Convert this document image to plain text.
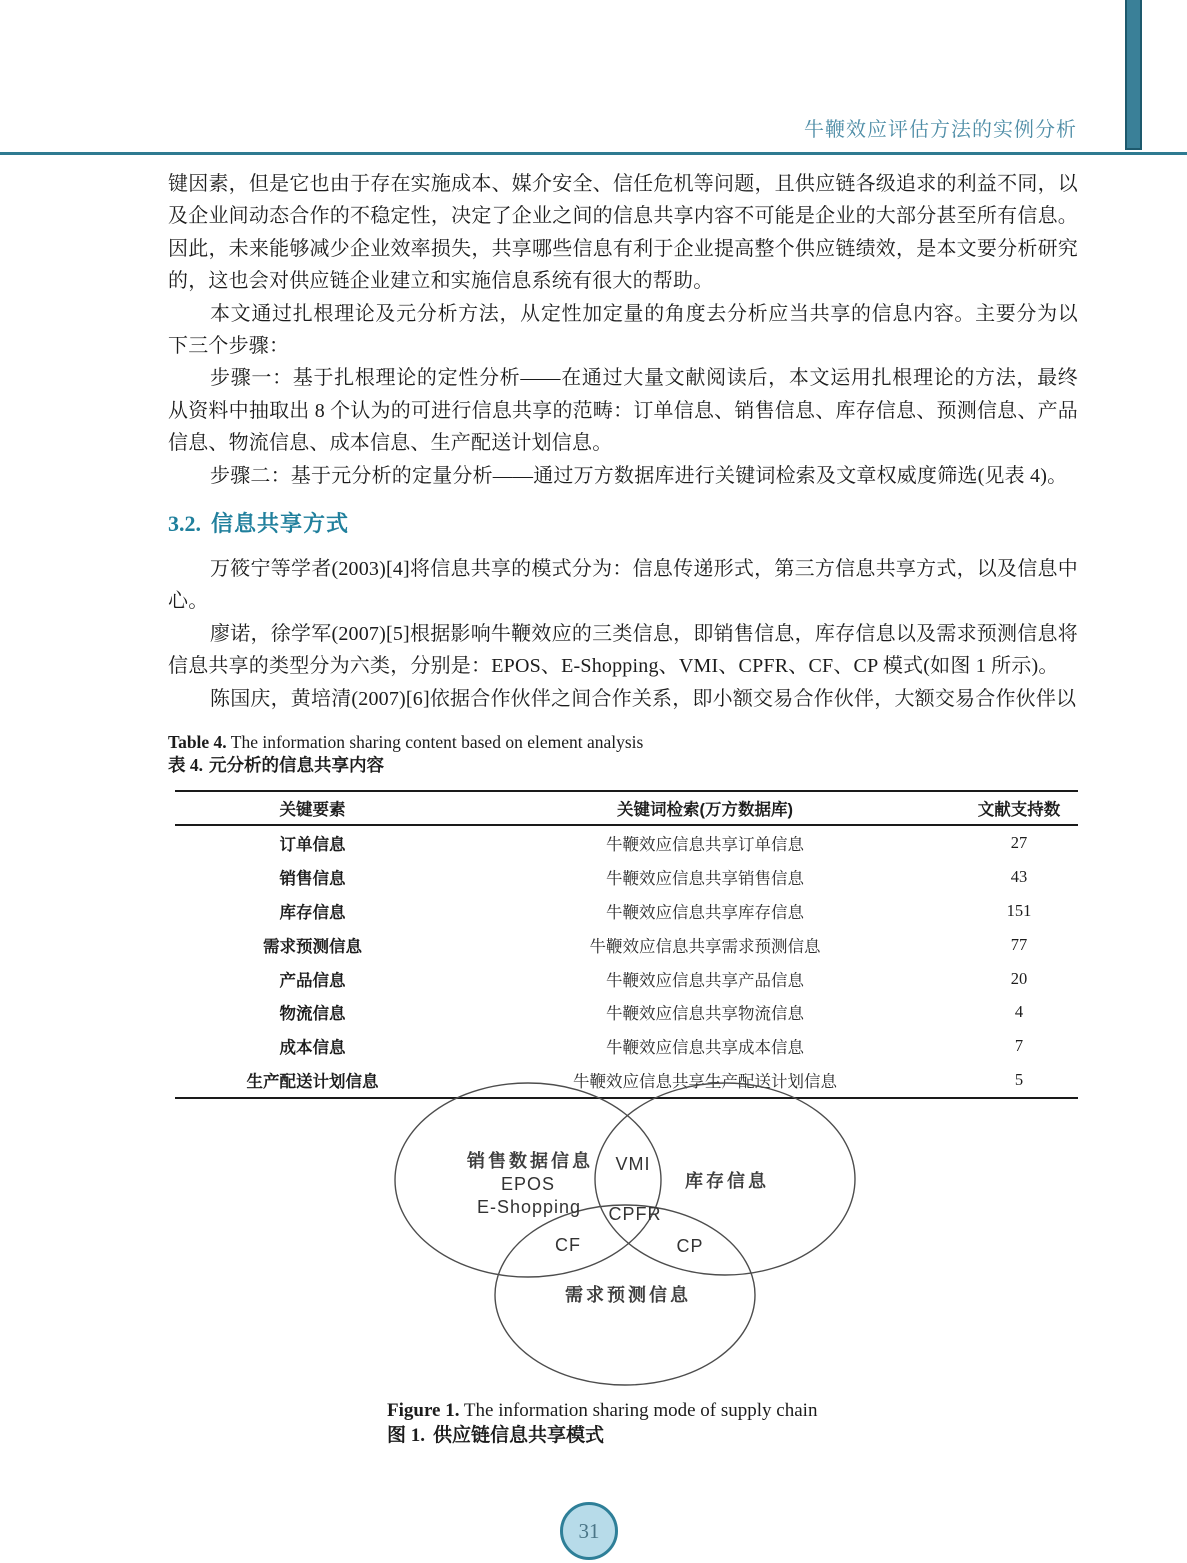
牛鞭效应评估方法的实例分析

键因素，但是它也由于存在实施成本、媒介安全、信任危机等问题，且供应链各级追求的利益不同，以及企业间动态合作的不稳定性，决定了企业之间的信息共享内容不可能是企业的大部分甚至所有信息。因此，未来能够减少企业效率损失，共享哪些信息有利于企业提高整个供应链绩效，是本文要分析研究的，这也会对供应链企业建立和实施信息系统有很大的帮助。

本文通过扎根理论及元分析方法，从定性加定量的角度去分析应当共享的信息内容。主要分为以下三个步骤：

步骤一：基于扎根理论的定性分析——在通过大量文献阅读后，本文运用扎根理论的方法，最终从资料中抽取出 8 个认为的可进行信息共享的范畴：订单信息、销售信息、库存信息、预测信息、产品信息、物流信息、成本信息、生产配送计划信息。

步骤二：基于元分析的定量分析——通过万方数据库进行关键词检索及文章权威度筛选(见表 4)。

3.2. 信息共享方式

万筱宁等学者(2003)[4]将信息共享的模式分为：信息传递形式，第三方信息共享方式，以及信息中心。

廖诺，徐学军(2007)[5]根据影响牛鞭效应的三类信息，即销售信息，库存信息以及需求预测信息将信息共享的类型分为六类，分别是：EPOS、E-Shopping、VMI、CPFR、CF、CP 模式(如图 1 所示)。

陈国庆，黄培清(2007)[6]依据合作伙伴之间合作关系，即小额交易合作伙伴，大额交易合作伙伴以

Table 4. The information sharing content based on element analysis
表 4. 元分析的信息共享内容
关键要素	关键词检索(万方数据库)	文献支持数
订单信息	牛鞭效应信息共享订单信息	27
销售信息	牛鞭效应信息共享销售信息	43
库存信息	牛鞭效应信息共享库存信息	151
需求预测信息	牛鞭效应信息共享需求预测信息	77
产品信息	牛鞭效应信息共享产品信息	20
物流信息	牛鞭效应信息共享物流信息	4
成本信息	牛鞭效应信息共享成本信息	7
生产配送计划信息	牛鞭效应信息共享生产配送计划信息	5
销售数据信息
EPOS
E-Shopping
VMI
库存信息
CPFR
CF	CP
需求预测信息
Figure 1. The information sharing mode of supply chain
图 1. 供应链信息共享模式
31
